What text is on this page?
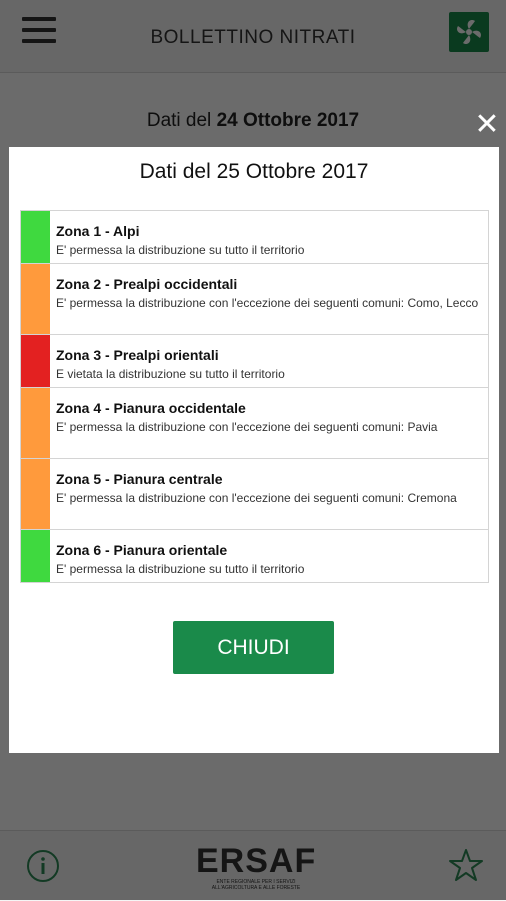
✕
Dati del 25 Ottobre 2017
Zona 1 - Alpi
E' permessa la distribuzione su tutto il territorio
Zona 2 - Prealpi occidentali
E' permessa la distribuzione con l'eccezione dei seguenti comuni: Como, Lecco
Zona 3 - Prealpi orientali
E vietata la distribuzione su tutto il territorio
Zona 4 - Pianura occidentale
E' permessa la distribuzione con l'eccezione dei seguenti comuni: Pavia
Zona 5 - Pianura centrale
E' permessa la distribuzione con l'eccezione dei seguenti comuni: Cremona
Zona 6 - Pianura orientale
E' permessa la distribuzione su tutto il territorio
CHIUDI
